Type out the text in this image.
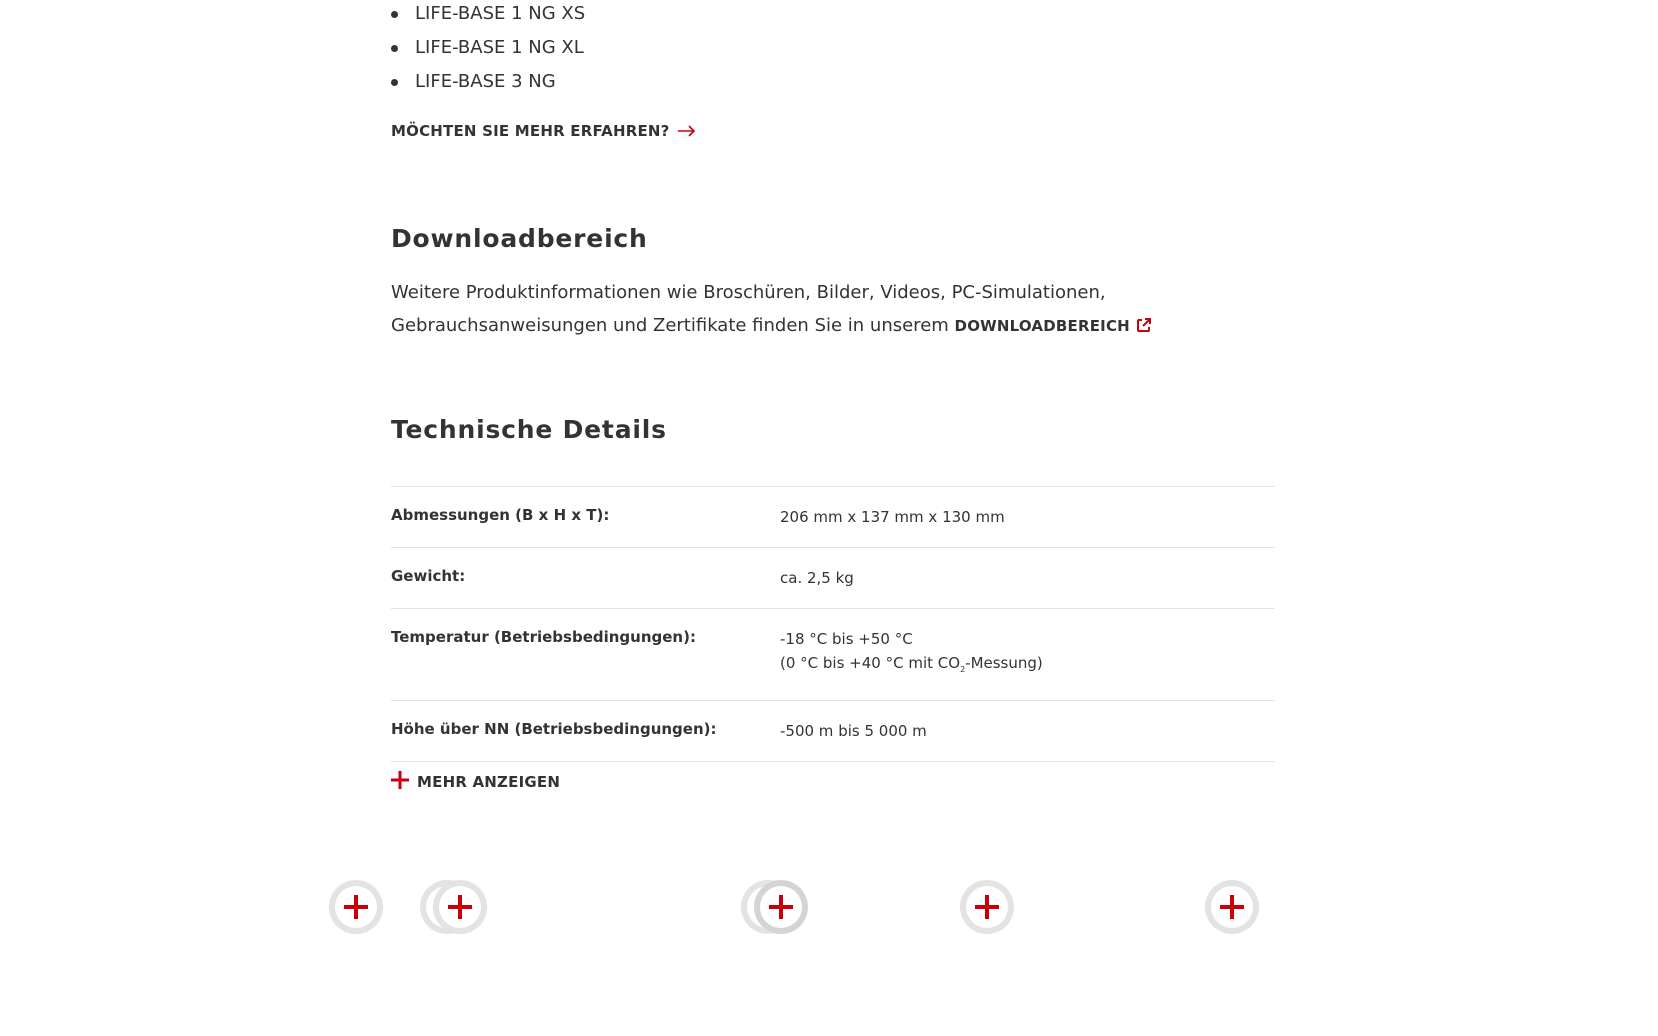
LIFE-BASE 1 NG XS
LIFE-BASE 1 NG XL
LIFE-BASE 3 NG
MÖCHTEN SIE MEHR ERFAHREN?
Downloadbereich
Weitere Produktinformationen wie Broschüren, Bilder, Videos, PC-Simulationen, Gebrauchsanweisungen und Zertifikate finden Sie in unserem DOWNLOADBEREICH
Technische Details
Abmessungen (B x H x T):	206 mm x 137 mm x 130 mm
Gewicht:	ca. 2,5 kg
Temperatur (Betriebsbedingungen):	-18 °C bis +50 °C
(0 °C bis +40 °C mit $CO_2-Messung$)
Höhe über NN (Betriebsbedingungen):	-500 m bis 5 000 m
MEHR ANZEIGEN
